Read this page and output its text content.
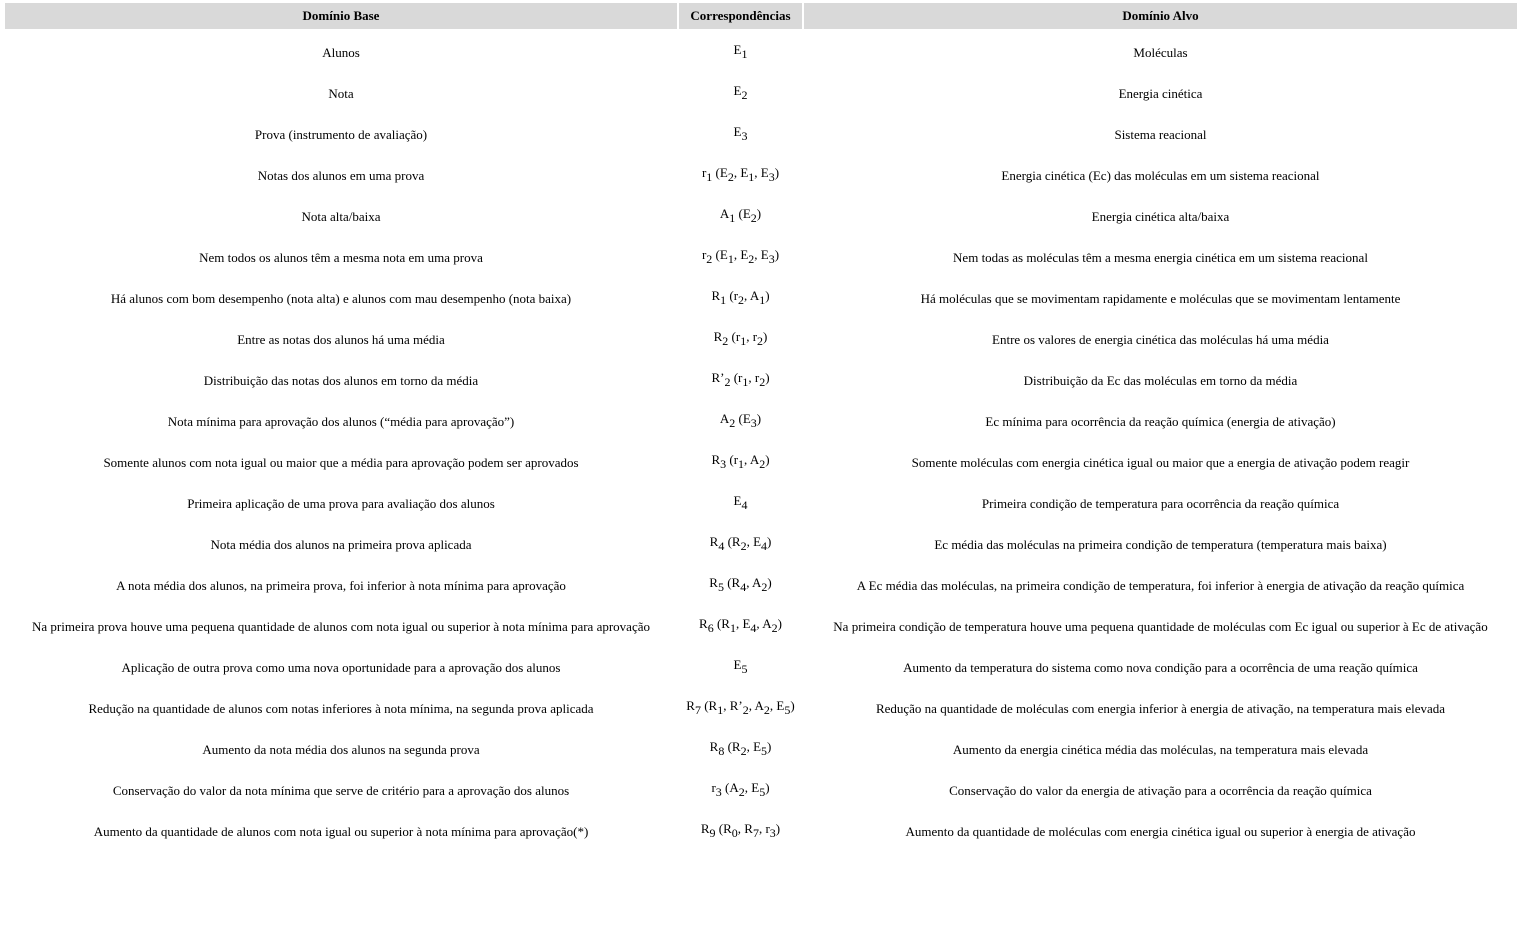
Domínio Base	Correspondências	Domínio Alvo
Alunos	$E_1$	Moléculas
Nota	$E_2$	Energia cinética
Prova (instrumento de avaliação)	$E_3$	Sistema reacional
Notas dos alunos em uma prova	$r_1$ ($E_2$, $E_1$, $E_3$)	Energia cinética (Ec) das moléculas em um sistema reacional
Nota alta/baixa	$A_1$ $(E_2)$	Energia cinética alta/baixa
Nem todos os alunos têm a mesma nota em uma prova	$r_2$ ($E_1$, $E_2$, $E_3$)	Nem todas as moléculas têm a mesma energia cinética em um sistema reacional
Há alunos com bom desempenho (nota alta) e alunos com mau desempenho (nota baixa)	$R_1$ ($r_2$, $A_1$)	Há moléculas que se movimentam rapidamente e moléculas que se movimentam lentamente
Entre as notas dos alunos há uma média	$R_2$ ($r_1$, $r_2$)	Entre os valores de energia cinética das moléculas há uma média
Distribuição das notas dos alunos em torno da média	$R’_2$ ($r_1$, $r_2$)	Distribuição da Ec das moléculas em torno da média
Nota mínima para aprovação dos alunos (“média para aprovação”)	$A_2$ $(E_3)$	Ec mínima para ocorrência da reação química (energia de ativação)
Somente alunos com nota igual ou maior que a média para aprovação podem ser aprovados	$R_3$ ($r_1$, $A_2$)	Somente moléculas com energia cinética igual ou maior que a energia de ativação podem reagir
Primeira aplicação de uma prova para avaliação dos alunos	$E_4$	Primeira condição de temperatura para ocorrência da reação química
Nota média dos alunos na primeira prova aplicada	$R_4$ ($R_2$, $E_4$)	Ec média das moléculas na primeira condição de temperatura (temperatura mais baixa)
A nota média dos alunos, na primeira prova, foi inferior à nota mínima para aprovação	$R_5$ ($R_4$, $A_2$)	A Ec média das moléculas, na primeira condição de temperatura, foi inferior à energia de ativação da reação química
Na primeira prova houve uma pequena quantidade de alunos com nota igual ou superior à nota mínima para aprovação	$R_6$ ($R_1$, $E_4$, $A_2$)	Na primeira condição de temperatura houve uma pequena quantidade de moléculas com Ec igual ou superior à Ec de ativação
Aplicação de outra prova como uma nova oportunidade para a aprovação dos alunos	$E_5$	Aumento da temperatura do sistema como nova condição para a ocorrência de uma reação química
Redução na quantidade de alunos com notas inferiores à nota mínima, na segunda prova aplicada	$R_7$ ($R_1$, $R’_2$, $A_2$, $E_5$)	Redução na quantidade de moléculas com energia inferior à energia de ativação, na temperatura mais elevada
Aumento da nota média dos alunos na segunda prova	$R_8$ ($R_2$, $E_5$)	Aumento da energia cinética média das moléculas, na temperatura mais elevada
Conservação do valor da nota mínima que serve de critério para a aprovação dos alunos	$r_3$ ($A_2$, $E_5$)	Conservação do valor da energia de ativação para a ocorrência da reação química
Aumento da quantidade de alunos com nota igual ou superior à nota mínima para aprovação(*)	$R_9$ ($R_0$, $R_7$, $r_3$)	Aumento da quantidade de moléculas com energia cinética igual ou superior à energia de ativação
